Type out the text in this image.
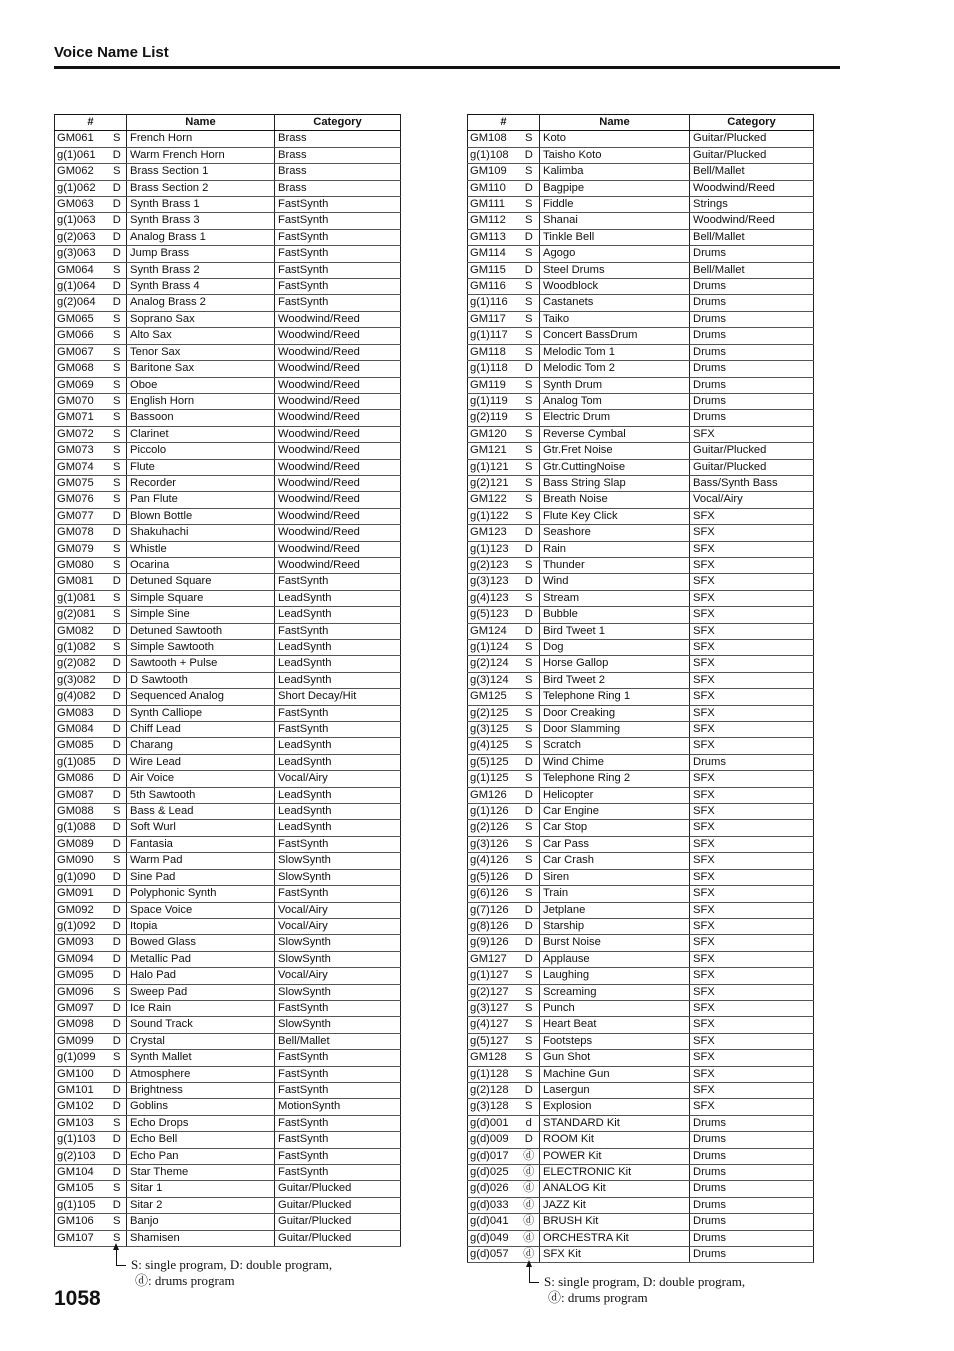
Voice Name List
#		Name	Category
GM061	S	French Horn	Brass
g(1)061	D	Warm French Horn	Brass
GM062	S	Brass Section 1	Brass
g(1)062	D	Brass Section 2	Brass
GM063	D	Synth Brass 1	FastSynth
g(1)063	D	Synth Brass 3	FastSynth
g(2)063	D	Analog Brass 1	FastSynth
g(3)063	D	Jump Brass	FastSynth
GM064	S	Synth Brass 2	FastSynth
g(1)064	D	Synth Brass 4	FastSynth
g(2)064	D	Analog Brass 2	FastSynth
GM065	S	Soprano Sax	Woodwind/Reed
GM066	S	Alto Sax	Woodwind/Reed
GM067	S	Tenor Sax	Woodwind/Reed
GM068	S	Baritone Sax	Woodwind/Reed
GM069	S	Oboe	Woodwind/Reed
GM070	S	English Horn	Woodwind/Reed
GM071	S	Bassoon	Woodwind/Reed
GM072	S	Clarinet	Woodwind/Reed
GM073	S	Piccolo	Woodwind/Reed
GM074	S	Flute	Woodwind/Reed
GM075	S	Recorder	Woodwind/Reed
GM076	S	Pan Flute	Woodwind/Reed
GM077	D	Blown Bottle	Woodwind/Reed
GM078	D	Shakuhachi	Woodwind/Reed
GM079	S	Whistle	Woodwind/Reed
GM080	S	Ocarina	Woodwind/Reed
GM081	D	Detuned Square	FastSynth
g(1)081	S	Simple Square	LeadSynth
g(2)081	S	Simple Sine	LeadSynth
GM082	D	Detuned Sawtooth	FastSynth
g(1)082	S	Simple Sawtooth	LeadSynth
g(2)082	D	Sawtooth + Pulse	LeadSynth
g(3)082	D	D Sawtooth	LeadSynth
g(4)082	D	Sequenced Analog	Short Decay/Hit
GM083	D	Synth Calliope	FastSynth
GM084	D	Chiff Lead	FastSynth
GM085	D	Charang	LeadSynth
g(1)085	D	Wire Lead	LeadSynth
GM086	D	Air Voice	Vocal/Airy
GM087	D	5th Sawtooth	LeadSynth
GM088	S	Bass & Lead	LeadSynth
g(1)088	D	Soft Wurl	LeadSynth
GM089	D	Fantasia	FastSynth
GM090	S	Warm Pad	SlowSynth
g(1)090	D	Sine Pad	SlowSynth
GM091	D	Polyphonic Synth	FastSynth
GM092	D	Space Voice	Vocal/Airy
g(1)092	D	Itopia	Vocal/Airy
GM093	D	Bowed Glass	SlowSynth
GM094	D	Metallic Pad	SlowSynth
GM095	D	Halo Pad	Vocal/Airy
GM096	S	Sweep Pad	SlowSynth
GM097	D	Ice Rain	FastSynth
GM098	D	Sound Track	SlowSynth
GM099	D	Crystal	Bell/Mallet
g(1)099	S	Synth Mallet	FastSynth
GM100	D	Atmosphere	FastSynth
GM101	D	Brightness	FastSynth
GM102	D	Goblins	MotionSynth
GM103	S	Echo Drops	FastSynth
g(1)103	D	Echo Bell	FastSynth
g(2)103	D	Echo Pan	FastSynth
GM104	D	Star Theme	FastSynth
GM105	S	Sitar 1	Guitar/Plucked
g(1)105	D	Sitar 2	Guitar/Plucked
GM106	S	Banjo	Guitar/Plucked
GM107	S	Shamisen	Guitar/Plucked
#		Name	Category
GM108	S	Koto	Guitar/Plucked
g(1)108	D	Taisho Koto	Guitar/Plucked
GM109	S	Kalimba	Bell/Mallet
GM110	D	Bagpipe	Woodwind/Reed
GM111	S	Fiddle	Strings
GM112	S	Shanai	Woodwind/Reed
GM113	D	Tinkle Bell	Bell/Mallet
GM114	S	Agogo	Drums
GM115	D	Steel Drums	Bell/Mallet
GM116	S	Woodblock	Drums
g(1)116	S	Castanets	Drums
GM117	S	Taiko	Drums
g(1)117	S	Concert BassDrum	Drums
GM118	S	Melodic Tom 1	Drums
g(1)118	D	Melodic Tom 2	Drums
GM119	S	Synth Drum	Drums
g(1)119	S	Analog Tom	Drums
g(2)119	S	Electric Drum	Drums
GM120	S	Reverse Cymbal	SFX
GM121	S	Gtr.Fret Noise	Guitar/Plucked
g(1)121	S	Gtr.CuttingNoise	Guitar/Plucked
g(2)121	S	Bass String Slap	Bass/Synth Bass
GM122	S	Breath Noise	Vocal/Airy
g(1)122	S	Flute Key Click	SFX
GM123	D	Seashore	SFX
g(1)123	D	Rain	SFX
g(2)123	S	Thunder	SFX
g(3)123	D	Wind	SFX
g(4)123	S	Stream	SFX
g(5)123	D	Bubble	SFX
GM124	D	Bird Tweet 1	SFX
g(1)124	S	Dog	SFX
g(2)124	S	Horse Gallop	SFX
g(3)124	S	Bird Tweet 2	SFX
GM125	S	Telephone Ring 1	SFX
g(2)125	S	Door Creaking	SFX
g(3)125	S	Door Slamming	SFX
g(4)125	S	Scratch	SFX
g(5)125	D	Wind Chime	Drums
g(1)125	S	Telephone Ring 2	SFX
GM126	D	Helicopter	SFX
g(1)126	D	Car Engine	SFX
g(2)126	S	Car Stop	SFX
g(3)126	S	Car Pass	SFX
g(4)126	S	Car Crash	SFX
g(5)126	D	Siren	SFX
g(6)126	S	Train	SFX
g(7)126	D	Jetplane	SFX
g(8)126	D	Starship	SFX
g(9)126	D	Burst Noise	SFX
GM127	D	Applause	SFX
g(1)127	S	Laughing	SFX
g(2)127	S	Screaming	SFX
g(3)127	S	Punch	SFX
g(4)127	S	Heart Beat	SFX
g(5)127	S	Footsteps	SFX
GM128	S	Gun Shot	SFX
g(1)128	S	Machine Gun	SFX
g(2)128	D	Lasergun	SFX
g(3)128	S	Explosion	SFX
g(d)001	d	STANDARD Kit	Drums
g(d)009	D	ROOM Kit	Drums
g(d)017	ⓓ	POWER Kit	Drums
g(d)025	ⓓ	ELECTRONIC Kit	Drums
g(d)026	ⓓ	ANALOG Kit	Drums
g(d)033	ⓓ	JAZZ Kit	Drums
g(d)041	ⓓ	BRUSH Kit	Drums
g(d)049	ⓓ	ORCHESTRA Kit	Drums
g(d)057	ⓓ	SFX Kit	Drums
S: single program, D: double program,
ⓓ: drums program	S: single program, D: double program,
ⓓ: drums program
1058
